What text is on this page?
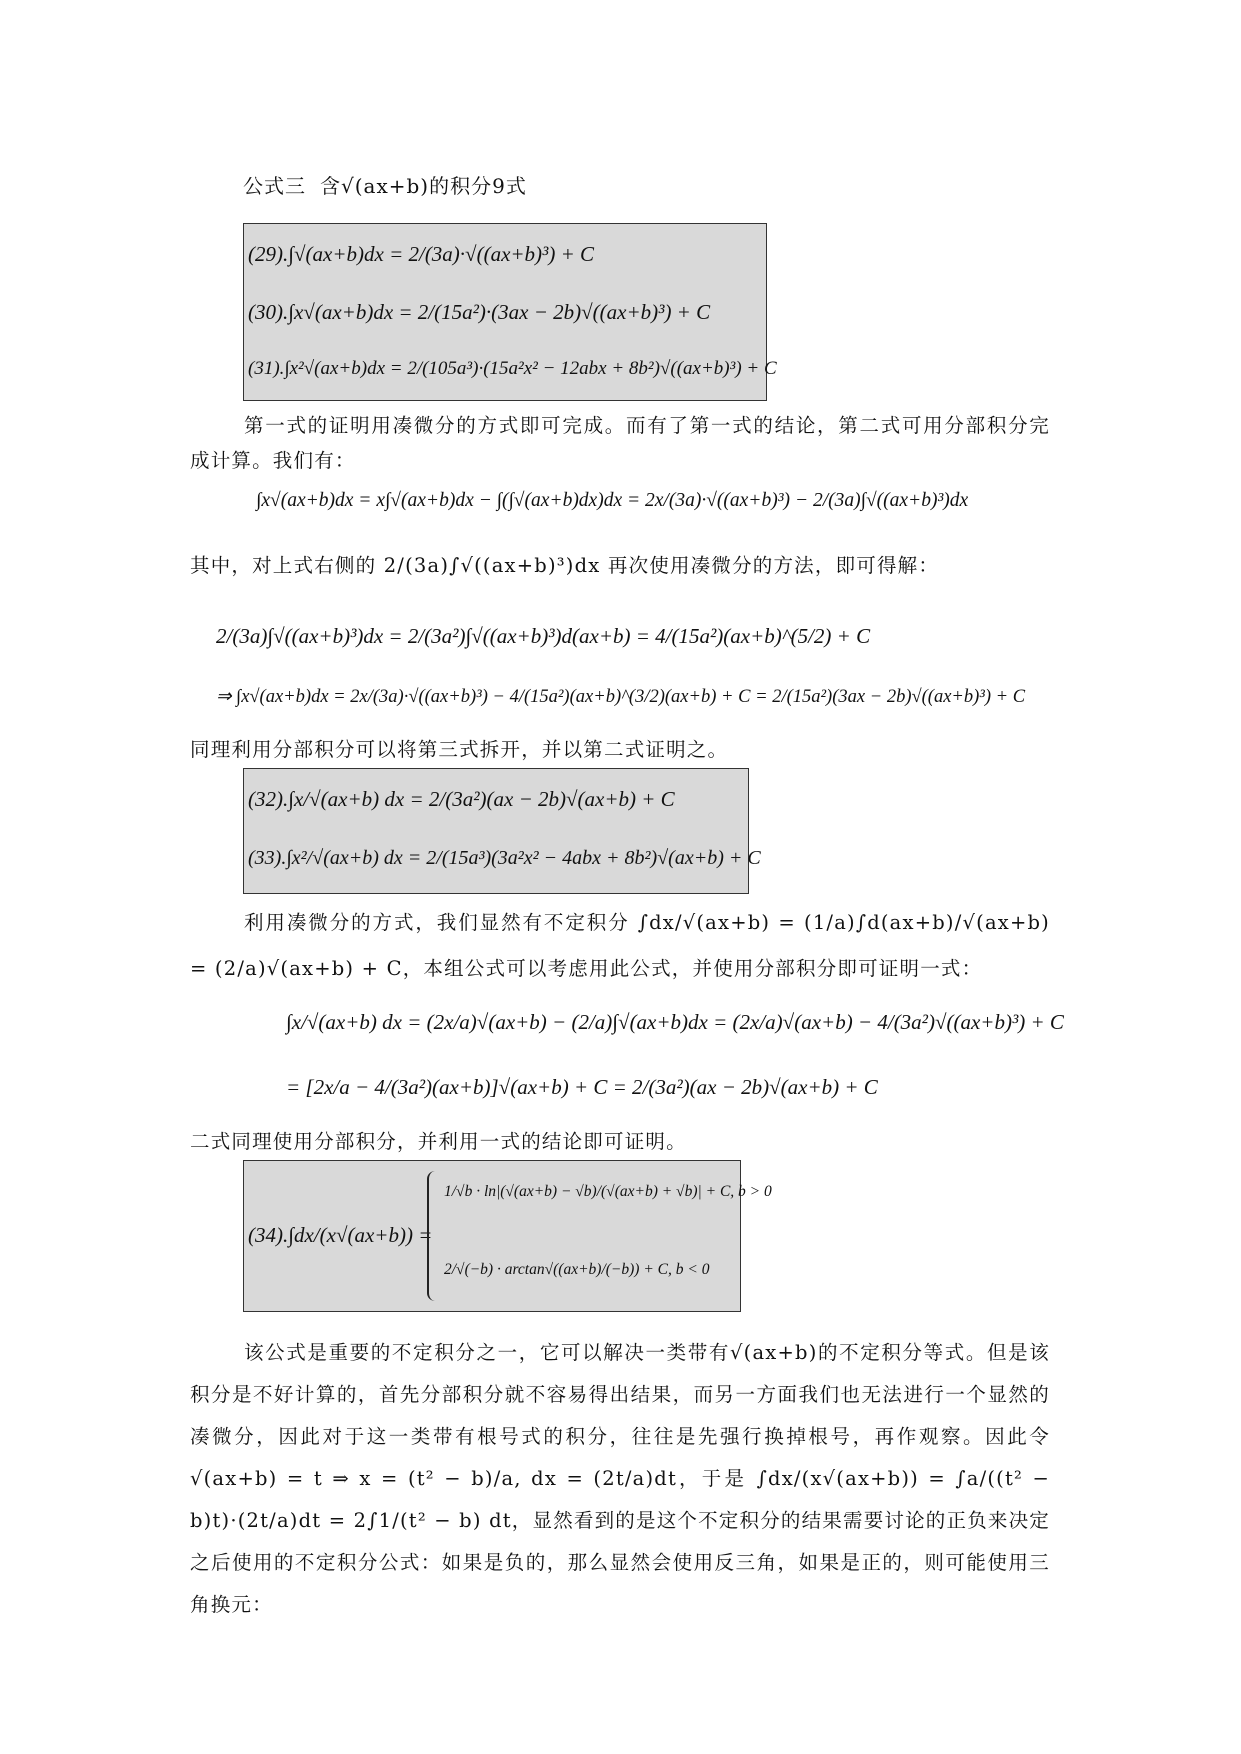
公式三 含√(ax+b)的积分9式
(29).∫√(ax+b)dx = 2/(3a)·√((ax+b)³) + C
(30).∫x√(ax+b)dx = 2/(15a²)·(3ax − 2b)√((ax+b)³) + C
(31).∫x²√(ax+b)dx = 2/(105a³)·(15a²x² − 12abx + 8b²)√((ax+b)³) + C
第一式的证明用凑微分的方式即可完成。而有了第一式的结论，第二式可用分部积分完成计算。我们有：
∫x√(ax+b)dx = x∫√(ax+b)dx − ∫(∫√(ax+b)dx)dx = 2x/(3a)·√((ax+b)³) − 2/(3a)∫√((ax+b)³)dx
其中，对上式右侧的 2/(3a)∫√((ax+b)³)dx 再次使用凑微分的方法，即可得解：
2/(3a)∫√((ax+b)³)dx = 2/(3a²)∫√((ax+b)³)d(ax+b) = 4/(15a²)(ax+b)^(5/2) + C
⇒ ∫x√(ax+b)dx = 2x/(3a)·√((ax+b)³) − 4/(15a²)(ax+b)^(3/2)(ax+b) + C = 2/(15a²)(3ax − 2b)√((ax+b)³) + C
同理利用分部积分可以将第三式拆开，并以第二式证明之。
(32).∫x/√(ax+b) dx = 2/(3a²)(ax − 2b)√(ax+b) + C
(33).∫x²/√(ax+b) dx = 2/(15a³)(3a²x² − 4abx + 8b²)√(ax+b) + C
利用凑微分的方式，我们显然有不定积分 ∫dx/√(ax+b) = (1/a)∫d(ax+b)/√(ax+b) = (2/a)√(ax+b) + C，本组公式可以考虑用此公式，并使用分部积分即可证明一式：
∫x/√(ax+b) dx = (2x/a)√(ax+b) − (2/a)∫√(ax+b)dx = (2x/a)√(ax+b) − 4/(3a²)√((ax+b)³) + C
= [2x/a − 4/(3a²)(ax+b)]√(ax+b) + C = 2/(3a²)(ax − 2b)√(ax+b) + C
二式同理使用分部积分，并利用一式的结论即可证明。
(34).∫dx/(x√(ax+b)) =
1/√b · ln|(√(ax+b) − √b)/(√(ax+b) + √b)| + C, b > 0
2/√(−b) · arctan√((ax+b)/(−b)) + C, b < 0
该公式是重要的不定积分之一，它可以解决一类带有√(ax+b)的不定积分等式。但是该积分是不好计算的，首先分部积分就不容易得出结果，而另一方面我们也无法进行一个显然的凑微分，因此对于这一类带有根号式的积分，往往是先强行换掉根号，再作观察。因此令 √(ax+b) = t ⇒ x = (t² − b)/a, dx = (2t/a)dt，于是 ∫dx/(x√(ax+b)) = ∫a/((t² − b)t)·(2t/a)dt = 2∫1/(t² − b) dt，显然看到的是这个不定积分的结果需要讨论的正负来决定之后使用的不定积分公式：如果是负的，那么显然会使用反三角，如果是正的，则可能使用三角换元：
